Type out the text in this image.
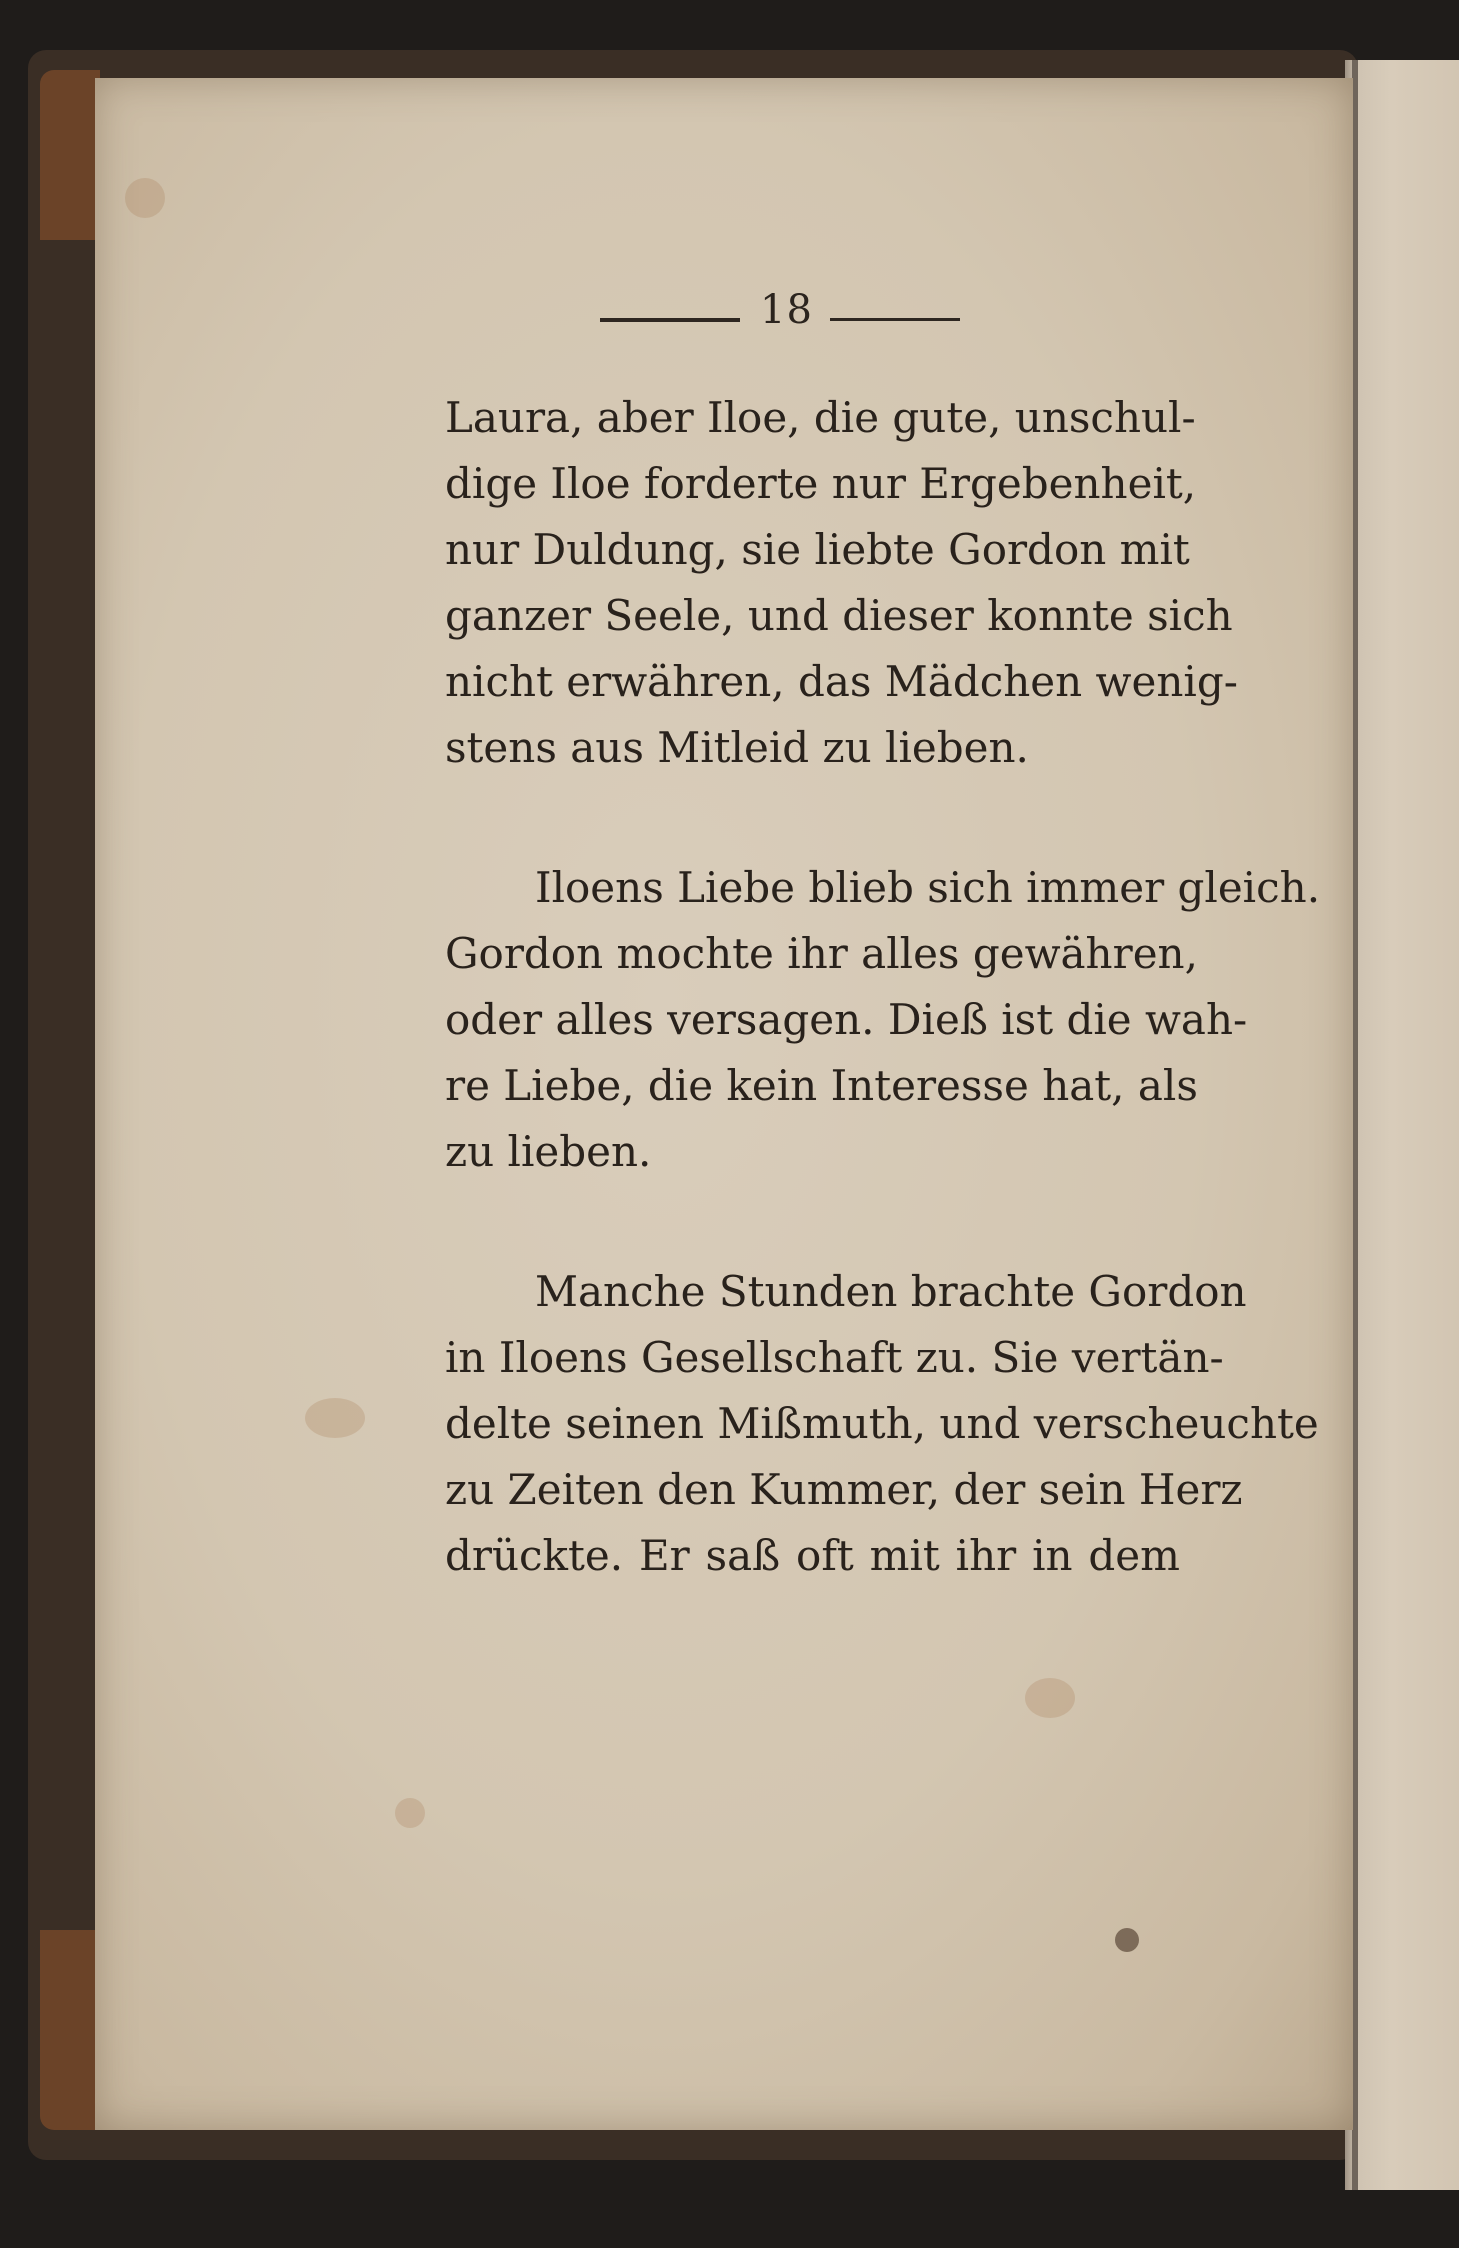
18
Laura, aber Iloe, die gute, unschul-
dige Iloe forderte nur Ergebenheit,
nur Duldung, sie liebte Gordon mit
ganzer Seele, und dieser konnte sich
nicht erwähren, das Mädchen wenig-
stens aus Mitleid zu lieben.
Iloens Liebe blieb sich immer gleich.
Gordon mochte ihr alles gewähren,
oder alles versagen. Dieß ist die wah-
re Liebe, die kein Interesse hat, als
zu lieben.
Manche Stunden brachte Gordon
in Iloens Gesellschaft zu. Sie vertän-
delte seinen Mißmuth, und verscheuchte
zu Zeiten den Kummer, der sein Herz
drückte. Er saß oft mit ihr in dem
